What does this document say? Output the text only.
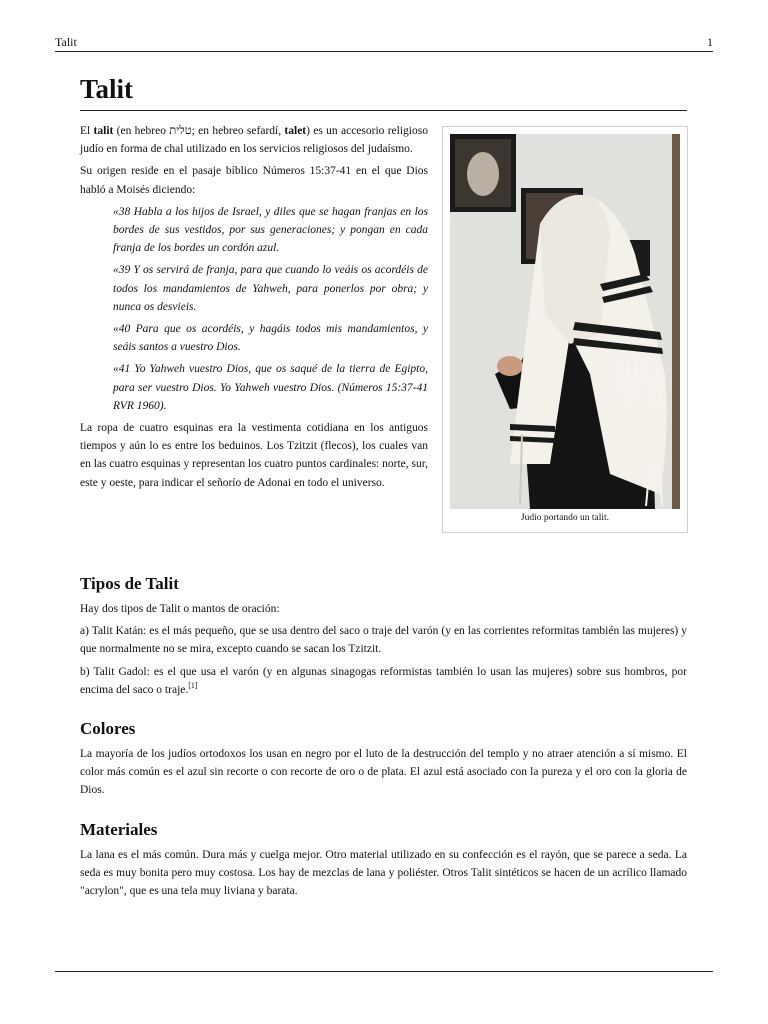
Talit	1
Talit

El talit (en hebreo טלית; en hebreo sefardí, talet) es un accesorio religioso judío en forma de chal utilizado en los servicios religiosos del judaísmo.

Su origen reside en el pasaje bíblico Números 15:37-41 en el que Dios habló a Moisés diciendo:

«38 Habla a los hijos de Israel, y diles que se hagan franjas en los bordes de sus vestidos, por sus generaciones; y pongan en cada franja de los bordes un cordón azul.

«39 Y os servirá de franja, para que cuando lo veáis os acordéis de todos los mandamientos de Yahweh, para ponerlos por obra; y nunca os desvieis.

«40 Para que os acordéis, y hagáis todos mis mandamientos, y seáis santos a vuestro Dios.

«41 Yo Yahweh vuestro Dios, que os saqué de la tierra de Egipto, para ser vuestro Dios. Yo Yahweh vuestro Dios. (Números 15:37-41 RVR 1960).

La ropa de cuatro esquinas era la vestimenta cotidiana en los antiguos tiempos y aún lo es entre los beduinos. Los Tzitzit (flecos), los cuales van en las cuatro esquinas y representan los cuatro puntos cardinales: norte, sur, este y oeste, para indicar el señorío de Adonai en todo el universo.

Judío portando un talit.
Tipos de Talit

Hay dos tipos de Talit o mantos de oración:

a) Talit Katán: es el más pequeño, que se usa dentro del saco o traje del varón (y en las corrientes reformitas también las mujeres) y que normalmente no se mira, excepto cuando se sacan los Tzitzit.

b) Talit Gadol: es el que usa el varón (y en algunas sinagogas reformistas también lo usan las mujeres) sobre sus hombros, por encima del saco o traje.[1]

Colores

La mayoría de los judíos ortodoxos los usan en negro por el luto de la destrucción del templo y no atraer atención a sí mismo. El color más común es el azul sin recorte o con recorte de oro o de plata. El azul está asociado con la pureza y el oro con la gloria de Dios.

Materiales

La lana es el más común. Dura más y cuelga mejor. Otro material utilizado en su confección es el rayón, que se parece a seda. La seda es muy bonita pero muy costosa. Los hay de mezclas de lana y poliéster. Otros Talit sintéticos se hacen de un acrílico llamado "acrylon", que es una tela muy liviana y barata.
